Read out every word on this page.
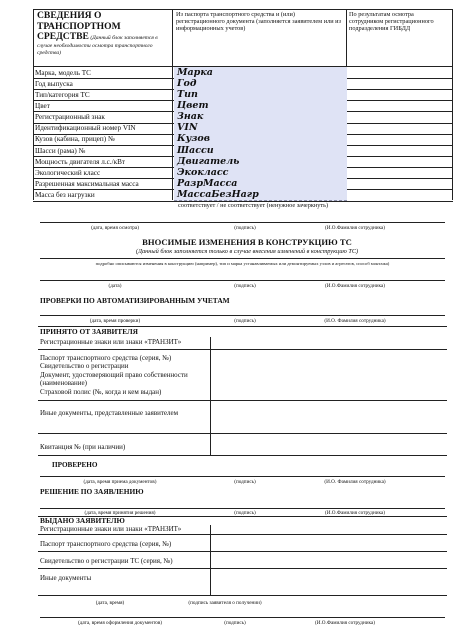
СВЕДЕНИЯ О
ТРАНСПОРТНОМ
СРЕДСТВЕ (Данный блок заполняется в случае необходимости осмотра транспортного средства)
Из паспорта транспортного средства и (или) регистрационного документа (заполняется заявителем или из информационных учетов)
По результатам осмотра сотрудником регистрационного подразделения ГИБДД
Марка, модель ТС	Марка
Год выпуска	Год
Тип/категория ТС	Тип
Цвет	Цвет
Регистрационный знак	Знак
Идентификационный номер VIN	VIN
Кузов (кабина, прицеп) №	Кузов
Шасси (рама) №	Шасси
Мощность двигателя л.с./кВт	Двигатель
Экологический класс	Экокласс
Разрешенная максимальная масса	РазрМасса
Масса без нагрузки	МассаБезНагр
соответствует / не соответствует (ненужное зачеркнуть)
(дата, время осмотра)	(подпись)	(И.О.Фамилия сотрудника)
ВНОСИМЫЕ ИЗМЕНЕНИЯ В КОНСТРУКЦИЮ ТС
(Данный блок заполняется только в случае внесения изменений в конструкцию ТС)
подробно описываются изменения в конструкцию (например), тип и марка устанавливаемых или демонтируемых узлов и агрегатов, способ монтажа)
(дата)	(подпись)	(И.О.Фамилия сотрудника)
ПРОВЕРКИ ПО АВТОМАТИЗИРОВАННЫМ УЧЕТАМ
(дата, время проверки)	(подпись)	(И.О. Фамилия сотрудника)
ПРИНЯТО ОТ ЗАЯВИТЕЛЯ
Регистрационные знаки или знаки «ТРАНЗИТ»
Паспорт транспортного средства (серия, №)
Свидетельство о регистрации
Документ, удостоверяющий право собственности (наименование)
Страховой полис (№, когда и кем выдан)
Иные документы, представленные заявителем
Квитанция № (при наличии)
ПРОВЕРЕНО
(дата, время приема документов)	(подпись)	(И.О. Фамилия сотрудника)
РЕШЕНИЕ ПО ЗАЯВЛЕНИЮ
(дата, время принятия решения)	(подпись)	(И.О.Фамилия сотрудника)
ВЫДАНО ЗАЯВИТЕЛЮ
Регистрационные знаки или знаки «ТРАНЗИТ»
Паспорт транспортного средства (серия, №)
Свидетельство о регистрации ТС (серия, №)
Иные документы
(дата, время)	(подпись заявителя о получении)
(дата, время оформления документов)	(подпись)	(И.О.Фамилия сотрудника)
